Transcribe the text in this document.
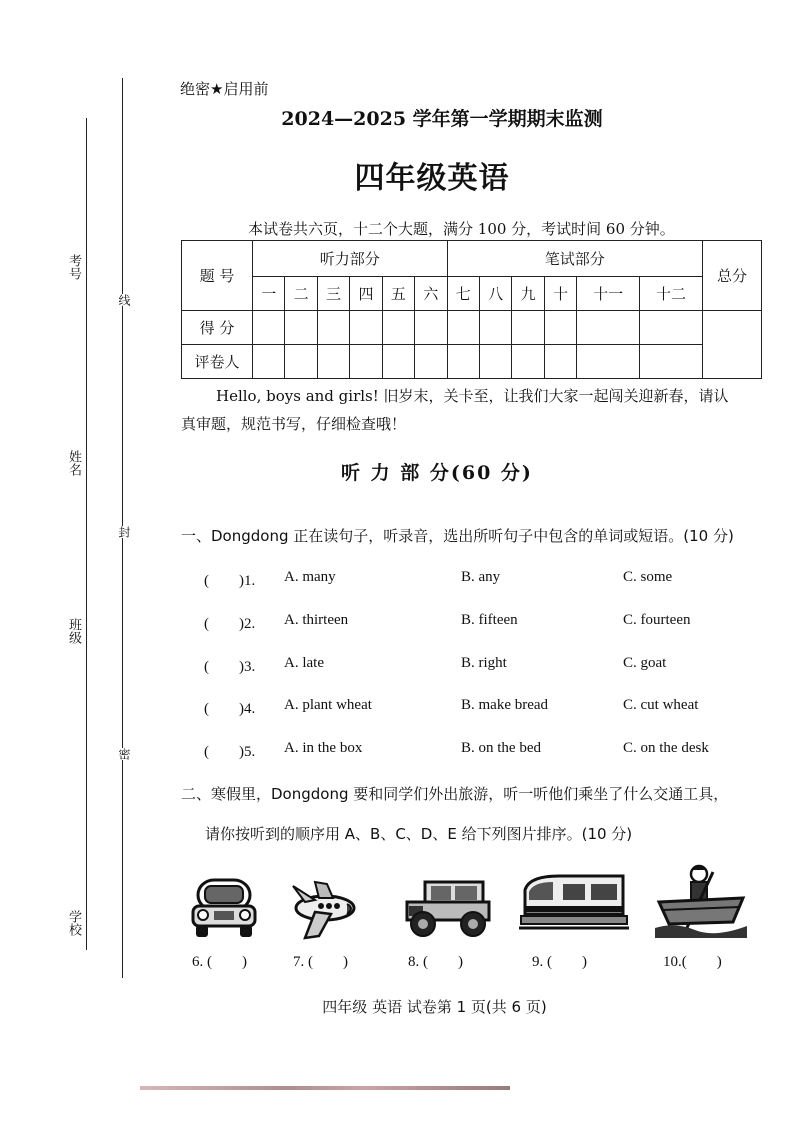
考号
姓名
班级
学校
线
封
密
绝密★启用前
2024—2025 学年第一学期期末监测
四年级英语
本试卷共六页，十二个大题，满分 100 分，考试时间 60 分钟。
题 号	听力部分						笔试部分						总分
	一	二	三	四	五	六	七	八	九	十	十一	十二	
得 分													
评卷人													
Hello, boys and girls! 旧岁末，关卡至，让我们大家一起闯关迎新春，请认
真审题，规范书写，仔细检查哦！
听 力 部 分(60 分)
一、Dongdong 正在读句子，听录音，选出所听句子中包含的单词或短语。(10 分)
(　　)1. A. many	B. any	C. some
(　　)2. A. thirteen	B. fifteen	C. fourteen
(　　)3. A. late	B. right	C. goat
(　　)4. A. plant wheat	B. make bread	C. cut wheat
(　　)5. A. in the box	B. on the bed	C. on the desk
二、寒假里，Dongdong 要和同学们外出旅游，听一听他们乘坐了什么交通工具，
请你按听到的顺序用 A、B、C、D、E 给下列图片排序。(10 分)
6. (　　)	7. (　　)	8. (　　)	9. (　　)	10.(　　)
四年级 英语 试卷第 1 页(共 6 页)
